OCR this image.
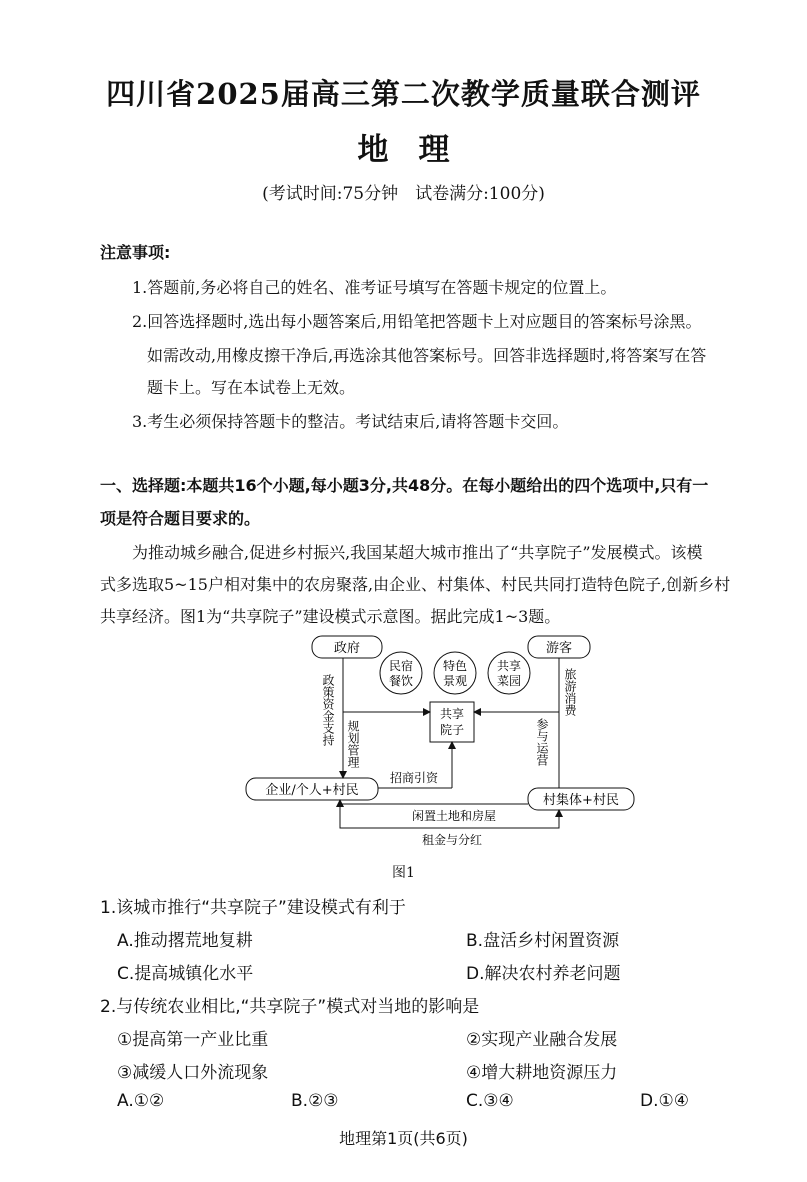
四川省2025届高三第二次教学质量联合测评
地理
(考试时间:75分钟　试卷满分:100分)
注意事项:
1.答题前,务必将自己的姓名、准考证号填写在答题卡规定的位置上。
2.回答选择题时,选出每小题答案后,用铅笔把答题卡上对应题目的答案标号涂黑。
如需改动,用橡皮擦干净后,再选涂其他答案标号。回答非选择题时,将答案写在答
题卡上。写在本试卷上无效。
3.考生必须保持答题卡的整洁。考试结束后,请将答题卡交回。
一、选择题:本题共16个小题,每小题3分,共48分。在每小题给出的四个选项中,只有一
项是符合题目要求的。
为推动城乡融合,促进乡村振兴,我国某超大城市推出了“共享院子”发展模式。该模
式多选取5~15户相对集中的农房聚落,由企业、村集体、村民共同打造特色院子,创新乡村
共享经济。图1为“共享院子”建设模式示意图。据此完成1~3题。
政府	游客
民宿
餐饮
特色
景观
共享
菜园
共享
院子
企业/个人+村民
村集体+村民
政策资金支持 规划管理
旅游消费
参与运营
招商引资
闲置土地和房屋
租金与分红
图1
1.该城市推行“共享院子”建设模式有利于
A.推动撂荒地复耕	B.盘活乡村闲置资源
C.提高城镇化水平	D.解决农村养老问题
2.与传统农业相比,“共享院子”模式对当地的影响是
①提高第一产业比重	②实现产业融合发展
③减缓人口外流现象	④增大耕地资源压力
A.①②	B.②③	C.③④	D.①④
地理第1页(共6页)
